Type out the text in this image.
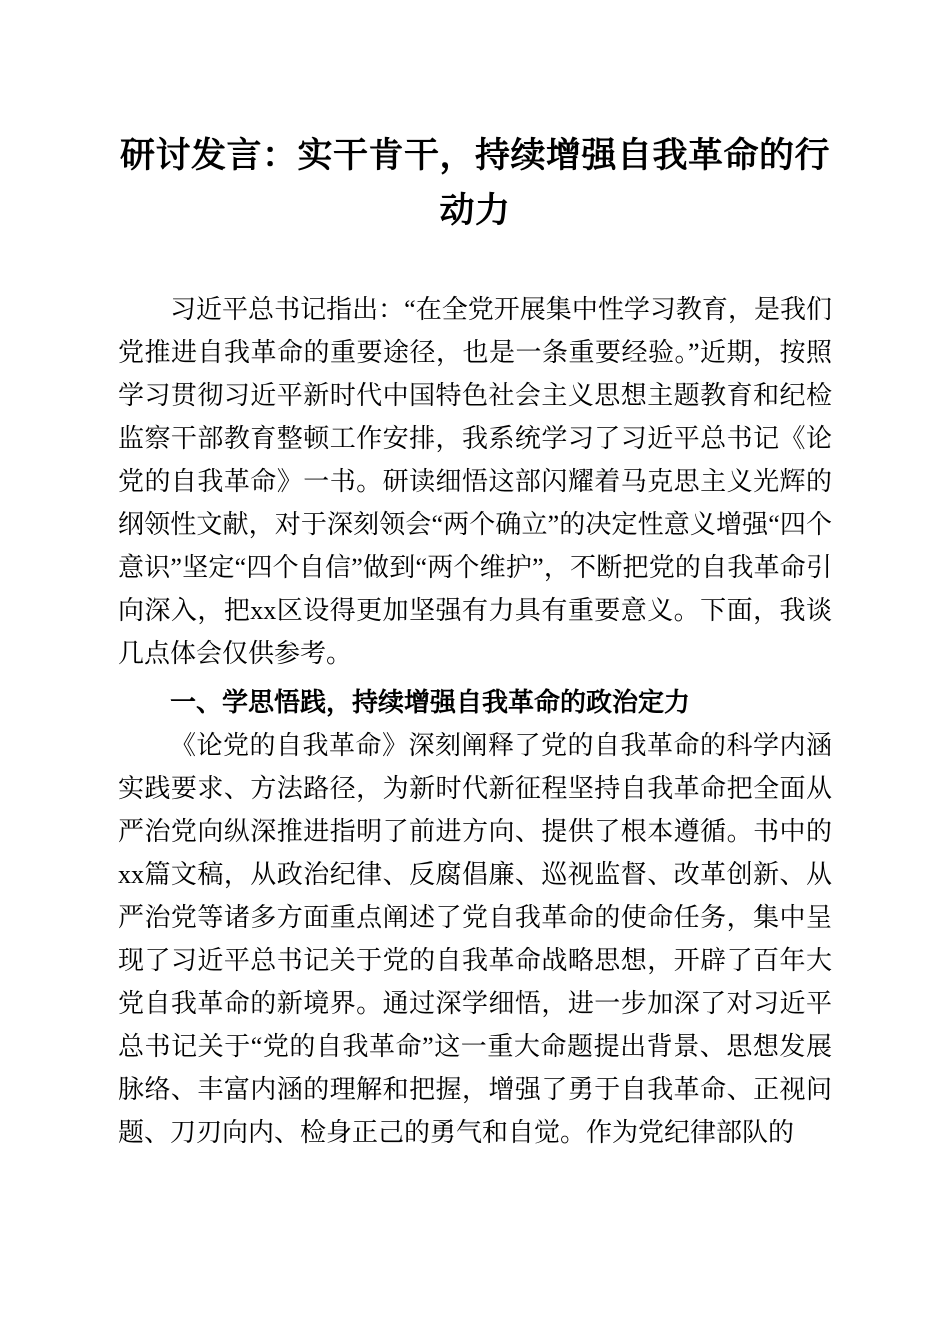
研讨发言：实干肯干，持续增强自我革命的行动力

习近平总书记指出：“在全党开展集中性学习教育，是我们党推进自我革命的重要途径，也是一条重要经验。”近期，按照学习贯彻习近平新时代中国特色社会主义思想主题教育和纪检监察干部教育整顿工作安排，我系统学习了习近平总书记《论党的自我革命》一书。研读细悟这部闪耀着马克思主义光辉的纲领性文献，对于深刻领会“两个确立”的决定性意义增强“四个意识”坚定“四个自信”做到“两个维护”，不断把党的自我革命引向深入，把xx区设得更加坚强有力具有重要意义。下面，我谈几点体会仅供参考。

一、学思悟践，持续增强自我革命的政治定力

《论党的自我革命》深刻阐释了党的自我革命的科学内涵实践要求、方法路径，为新时代新征程坚持自我革命把全面从严治党向纵深推进指明了前进方向、提供了根本遵循。书中的xx篇文稿，从政治纪律、反腐倡廉、巡视监督、改革创新、从严治党等诸多方面重点阐述了党自我革命的使命任务，集中呈现了习近平总书记关于党的自我革命战略思想，开辟了百年大党自我革命的新境界。通过深学细悟，进一步加深了对习近平总书记关于“党的自我革命”这一重大命题提出背景、思想发展脉络、丰富内涵的理解和把握，增强了勇于自我革命、正视问题、刀刃向内、检身正己的勇气和自觉。作为党纪律部队的
